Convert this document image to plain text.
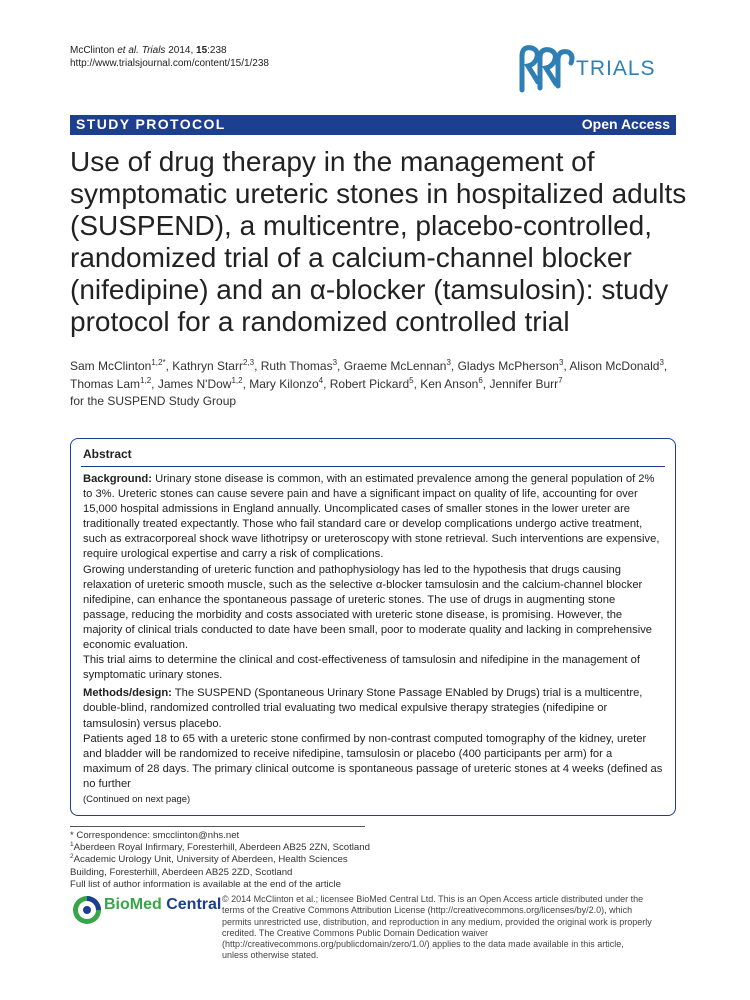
McClinton et al. Trials 2014, 15:238
http://www.trialsjournal.com/content/15/1/238	TRIALS
STUDY PROTOCOL	Open Access
Use of drug therapy in the management of symptomatic ureteric stones in hospitalized adults (SUSPEND), a multicentre, placebo-controlled, randomized trial of a calcium-channel blocker (nifedipine) and an α-blocker (tamsulosin): study protocol for a randomized controlled trial
Sam McClinton$^{1,2*}$, Kathryn Starr$^{2,3}$, Ruth Thomas$^3$, Graeme McLennan$^3$, Gladys McPherson$^3$, Alison McDonald$^3$, Thomas Lam$^{1,2}$, James N'Dow$^{1,2}$, Mary Kilonzo$^4$, Robert Pickard$^5$, Ken Anson$^6$, Jennifer Burr$^7$
for the SUSPEND Study Group
Abstract

Background: Urinary stone disease is common, with an estimated prevalence among the general population of 2% to 3%. Ureteric stones can cause severe pain and have a significant impact on quality of life, accounting for over 15,000 hospital admissions in England annually. Uncomplicated cases of smaller stones in the lower ureter are traditionally treated expectantly. Those who fail standard care or develop complications undergo active treatment, such as extracorporeal shock wave lithotripsy or ureteroscopy with stone retrieval. Such interventions are expensive, require urological expertise and carry a risk of complications.

Growing understanding of ureteric function and pathophysiology has led to the hypothesis that drugs causing relaxation of ureteric smooth muscle, such as the selective α-blocker tamsulosin and the calcium-channel blocker nifedipine, can enhance the spontaneous passage of ureteric stones. The use of drugs in augmenting stone passage, reducing the morbidity and costs associated with ureteric stone disease, is promising. However, the majority of clinical trials conducted to date have been small, poor to moderate quality and lacking in comprehensive economic evaluation.

This trial aims to determine the clinical and cost-effectiveness of tamsulosin and nifedipine in the management of symptomatic urinary stones.

Methods/design: The SUSPEND (Spontaneous Urinary Stone Passage ENabled by Drugs) trial is a multicentre, double-blind, randomized controlled trial evaluating two medical expulsive therapy strategies (nifedipine or tamsulosin) versus placebo.

Patients aged 18 to 65 with a ureteric stone confirmed by non-contrast computed tomography of the kidney, ureter and bladder will be randomized to receive nifedipine, tamsulosin or placebo (400 participants per arm) for a maximum of 28 days. The primary clinical outcome is spontaneous passage of ureteric stones at 4 weeks (defined as no further

(Continued on next page)

* Correspondence: smcclinton@nhs.net

$^1$Aberdeen Royal Infirmary, Foresterhill, Aberdeen AB25 2ZN, Scotland

$^2$Academic Urology Unit, University of Aberdeen, Health Sciences Building, Foresterhill, Aberdeen AB25 2ZD, Scotland

Full list of author information is available at the end of the article

BioMed Central © 2014 McClinton et al.; licensee BioMed Central Ltd. This is an Open Access article distributed under the terms of the Creative Commons Attribution License (http://creativecommons.org/licenses/by/2.0), which permits unrestricted use, distribution, and reproduction in any medium, provided the original work is properly credited. The Creative Commons Public Domain Dedication waiver (http://creativecommons.org/publicdomain/zero/1.0/) applies to the data made available in this article, unless otherwise stated.
